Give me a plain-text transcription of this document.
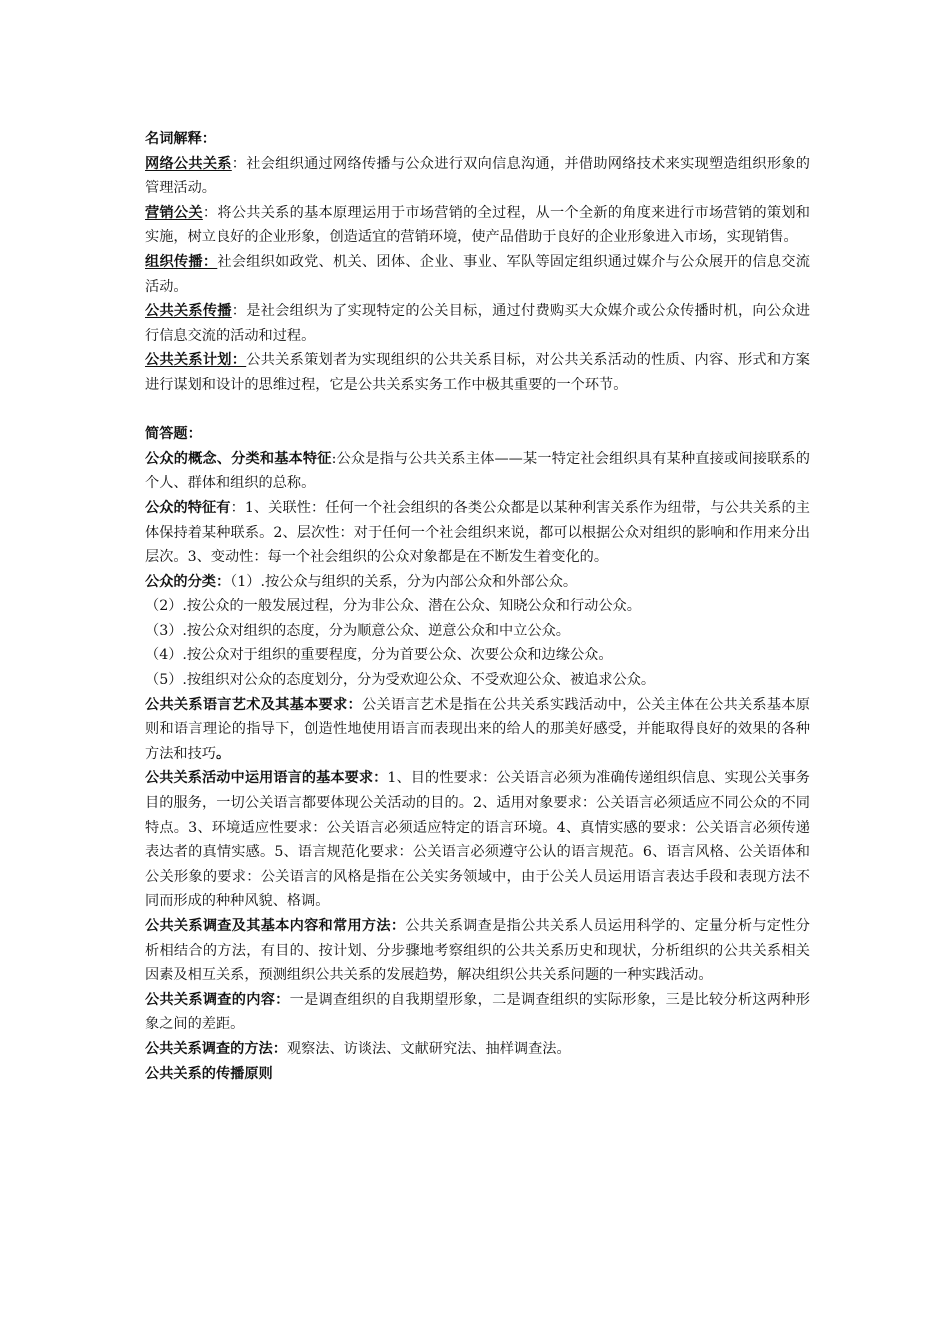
名词解释：

网络公共关系：社会组织通过网络传播与公众进行双向信息沟通，并借助网络技术来实现塑造组织形象的管理活动。

营销公关：将公共关系的基本原理运用于市场营销的全过程，从一个全新的角度来进行市场营销的策划和实施，树立良好的企业形象，创造适宜的营销环境，使产品借助于良好的企业形象进入市场，实现销售。

组织传播：社会组织如政党、机关、团体、企业、事业、军队等固定组织通过媒介与公众展开的信息交流活动。

公共关系传播：是社会组织为了实现特定的公关目标，通过付费购买大众媒介或公众传播时机，向公众进行信息交流的活动和过程。

公共关系计划：公共关系策划者为实现组织的公共关系目标，对公共关系活动的性质、内容、形式和方案进行谋划和设计的思维过程，它是公共关系实务工作中极其重要的一个环节。

简答题：

公众的概念、分类和基本特征:公众是指与公共关系主体——某一特定社会组织具有某种直接或间接联系的个人、群体和组织的总称。

公众的特征有：1、关联性：任何一个社会组织的各类公众都是以某种利害关系作为纽带，与公共关系的主体保持着某种联系。2、层次性：对于任何一个社会组织来说，都可以根据公众对组织的影响和作用来分出层次。3、变动性：每一个社会组织的公众对象都是在不断发生着变化的。

公众的分类：（1）.按公众与组织的关系，分为内部公众和外部公众。

（2）.按公众的一般发展过程，分为非公众、潜在公众、知晓公众和行动公众。

（3）.按公众对组织的态度，分为顺意公众、逆意公众和中立公众。

（4）.按公众对于组织的重要程度，分为首要公众、次要公众和边缘公众。

（5）.按组织对公众的态度划分，分为受欢迎公众、不受欢迎公众、被追求公众。

公共关系语言艺术及其基本要求：公关语言艺术是指在公共关系实践活动中，公关主体在公共关系基本原则和语言理论的指导下，创造性地使用语言而表现出来的给人的那美好感受，并能取得良好的效果的各种方法和技巧。

公共关系活动中运用语言的基本要求：1、目的性要求：公关语言必须为准确传递组织信息、实现公关事务目的服务，一切公关语言都要体现公关活动的目的。2、适用对象要求：公关语言必须适应不同公众的不同特点。3、环境适应性要求：公关语言必须适应特定的语言环境。4、真情实感的要求：公关语言必须传递表达者的真情实感。5、语言规范化要求：公关语言必须遵守公认的语言规范。6、语言风格、公关语体和公关形象的要求：公关语言的风格是指在公关实务领域中，由于公关人员运用语言表达手段和表现方法不同而形成的种种风貌、格调。

公共关系调查及其基本内容和常用方法：公共关系调查是指公共关系人员运用科学的、定量分析与定性分析相结合的方法，有目的、按计划、分步骤地考察组织的公共关系历史和现状，分析组织的公共关系相关因素及相互关系，预测组织公共关系的发展趋势，解决组织公共关系问题的一种实践活动。

公共关系调查的内容：一是调查组织的自我期望形象，二是调查组织的实际形象，三是比较分析这两种形象之间的差距。

公共关系调查的方法：观察法、访谈法、文献研究法、抽样调查法。

公共关系的传播原则
